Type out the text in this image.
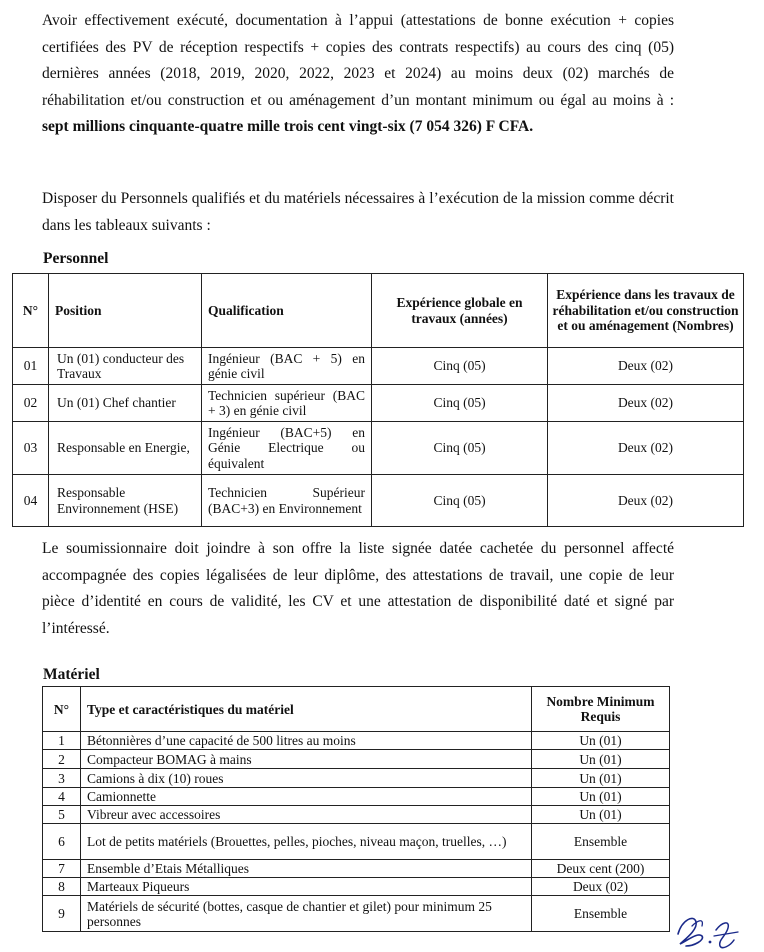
Avoir effectivement exécuté, documentation à l’appui (attestations de bonne exécution + copies certifiées des PV de réception respectifs + copies des contrats respectifs) au cours des cinq (05) dernières années (2018, 2019, 2020, 2022, 2023 et 2024) au moins deux (02) marchés de réhabilitation et/ou construction et ou aménagement d’un montant minimum ou égal au moins à : sept millions cinquante-quatre mille trois cent vingt-six (7 054 326) F CFA.

Disposer du Personnels qualifiés et du matériels nécessaires à l’exécution de la mission comme décrit dans les tableaux suivants :

Personnel
N°	Position	Qualification	Expérience globale en travaux (années)	Expérience dans les travaux de réhabilitation et/ou construction et ou aménagement (Nombres)
01	Un (01) conducteur des Travaux	Ingénieur (BAC + 5) en génie civil	Cinq (05)	Deux (02)
02	Un (01) Chef chantier	Technicien supérieur (BAC + 3) en génie civil	Cinq (05)	Deux (02)
03	Responsable en Energie,	Ingénieur (BAC+5) en Génie Electrique ou équivalent	Cinq (05)	Deux (02)
04	Responsable Environnement (HSE)	Technicien Supérieur (BAC+3) en Environnement	Cinq (05)	Deux (02)

Le soumissionnaire doit joindre à son offre la liste signée datée cachetée du personnel affecté accompagnée des copies légalisées de leur diplôme, des attestations de travail, une copie de leur pièce d’identité en cours de validité, les CV et une attestation de disponibilité daté et signé par l’intéressé.

Matériel
N°	Type et caractéristiques du matériel	Nombre Minimum Requis
1	Bétonnières d’une capacité de 500 litres au moins	Un (01)
2	Compacteur BOMAG à mains	Un (01)
3	Camions à dix (10) roues	Un (01)
4	Camionnette	Un (01)
5	Vibreur avec accessoires	Un (01)
6	Lot de petits matériels (Brouettes, pelles, pioches, niveau maçon, truelles, …)	Ensemble
7	Ensemble d’Etais Métalliques	Deux cent (200)
8	Marteaux Piqueurs	Deux (02)
9	Matériels de sécurité (bottes, casque de chantier et gilet) pour minimum 25 personnes	Ensemble
